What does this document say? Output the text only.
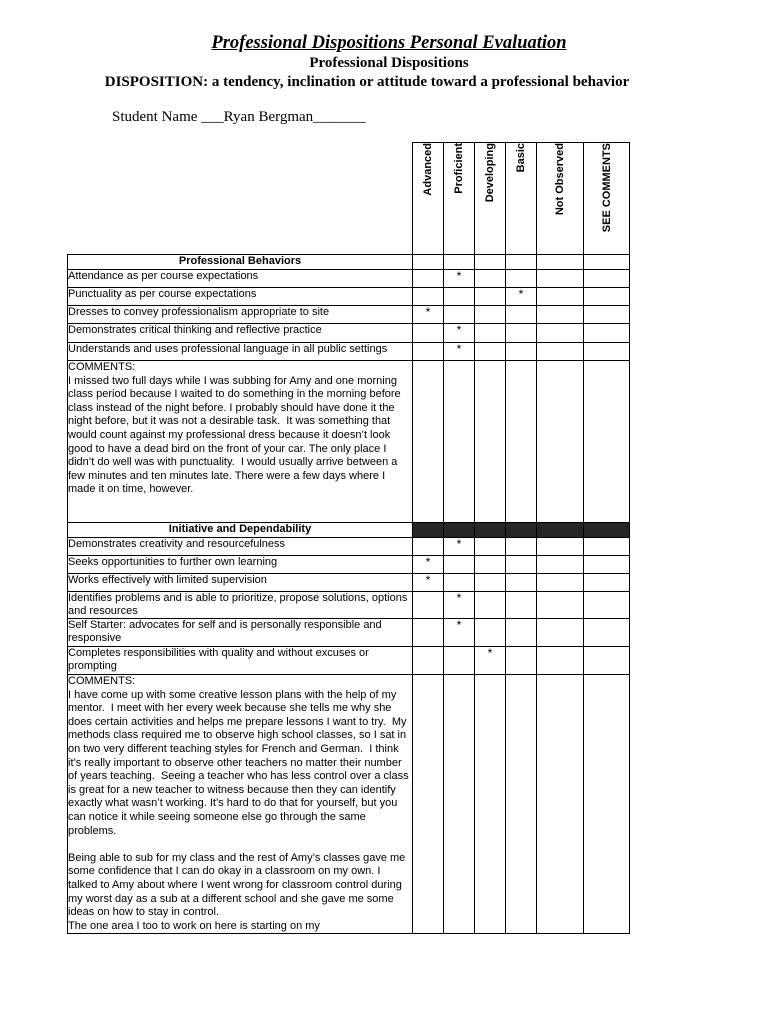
Professional Dispositions Personal Evaluation
Professional Dispositions
DISPOSITION: a tendency, inclination or attitude toward a professional behavior
Student Name ___Ryan Bergman_______
	Advanced	Proficient	Developing	Basic	Not Observed	SEE COMMENTS
Professional Behaviors						
Attendance as per course expectations		*				
Punctuality as per course expectations				*		
Dresses to convey professionalism appropriate to site	*					
Demonstrates critical thinking and reflective practice		*				
Understands and uses professional language in all public settings		*				
COMMENTS:
I missed two full days while I was subbing for Amy and one morning class period because I waited to do something in the morning before class instead of the night before. I probably should have done it the night before, but it was not a desirable task.  It was something that would count against my professional dress because it doesn’t look good to have a dead bird on the front of your car. The only place I didn’t do well was with punctuality.  I would usually arrive between a few minutes and ten minutes late. There were a few days where I made it on time, however.						
Initiative and Dependability						
Demonstrates creativity and resourcefulness		*				
Seeks opportunities to further own learning	*					
Works effectively with limited supervision	*					
Identifies problems and is able to prioritize, propose solutions, options and resources		*				
Self Starter: advocates for self and is personally responsible and responsive		*				
Completes responsibilities with quality and without excuses or prompting			*			
COMMENTS:
I have come up with some creative lesson plans with the help of my mentor.  I meet with her every week because she tells me why she does certain activities and helps me prepare lessons I want to try.  My methods class required me to observe high school classes, so I sat in on two very different teaching styles for French and German.  I think it’s really important to observe other teachers no matter their number of years teaching.  Seeing a teacher who has less control over a class is great for a new teacher to witness because then they can identify exactly what wasn’t working. It’s hard to do that for yourself, but you can notice it while seeing someone else go through the same problems.

Being able to sub for my class and the rest of Amy’s classes gave me some confidence that I can do okay in a classroom on my own. I talked to Amy about where I went wrong for classroom control during my worst day as a sub at a different school and she gave me some ideas on how to stay in control.
The one area I too to work on here is starting on my						
